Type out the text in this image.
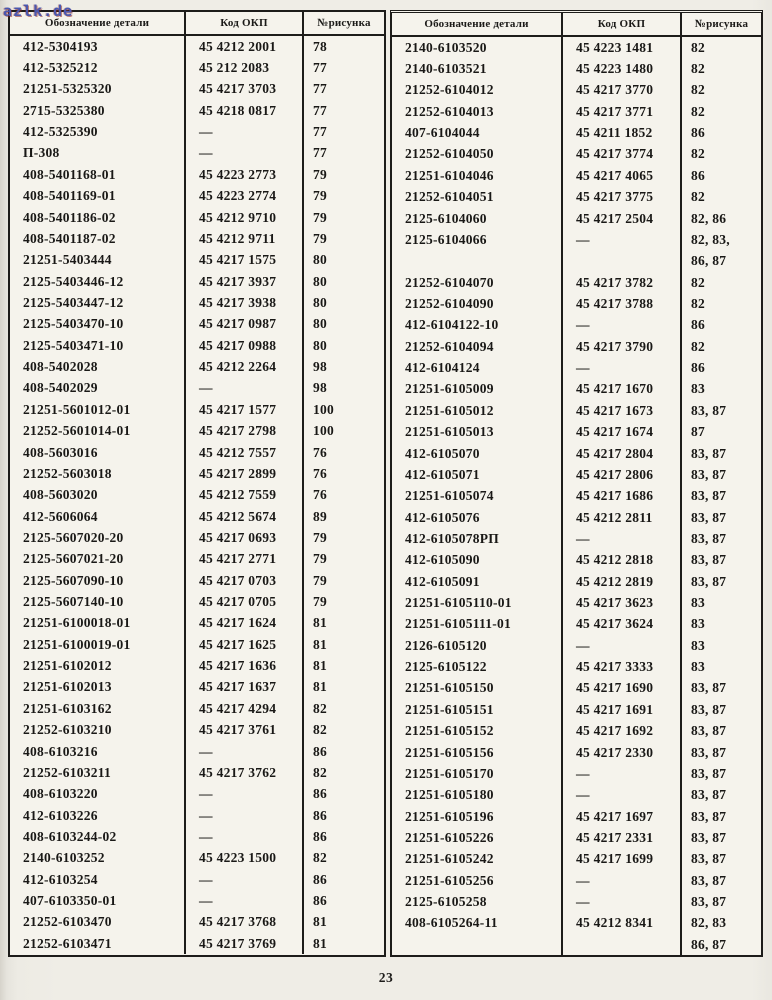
azlk.de
Обозначение детали	Код ОКП	№рисунка
412-5304193	45 4212 2001	78
412-5325212	45 212 2083	77
21251-5325320	45 4217 3703	77
2715-5325380	45 4218 0817	77
412-5325390	—	77
П-308	—	77
408-5401168-01	45 4223 2773	79
408-5401169-01	45 4223 2774	79
408-5401186-02	45 4212 9710	79
408-5401187-02	45 4212 9711	79
21251-5403444	45 4217 1575	80
2125-5403446-12	45 4217 3937	80
2125-5403447-12	45 4217 3938	80
2125-5403470-10	45 4217 0987	80
2125-5403471-10	45 4217 0988	80
408-5402028	45 4212 2264	98
408-5402029	—	98
21251-5601012-01	45 4217 1577	100
21252-5601014-01	45 4217 2798	100
408-5603016	45 4212 7557	76
21252-5603018	45 4217 2899	76
408-5603020	45 4212 7559	76
412-5606064	45 4212 5674	89
2125-5607020-20	45 4217 0693	79
2125-5607021-20	45 4217 2771	79
2125-5607090-10	45 4217 0703	79
2125-5607140-10	45 4217 0705	79
21251-6100018-01	45 4217 1624	81
21251-6100019-01	45 4217 1625	81
21251-6102012	45 4217 1636	81
21251-6102013	45 4217 1637	81
21251-6103162	45 4217 4294	82
21252-6103210	45 4217 3761	82
408-6103216	—	86
21252-6103211	45 4217 3762	82
408-6103220	—	86
412-6103226	—	86
408-6103244-02	—	86
2140-6103252	45 4223 1500	82
412-6103254	—	86
407-6103350-01	—	86
21252-6103470	45 4217 3768	81
21252-6103471	45 4217 3769	81
Обозначение детали	Код ОКП	№рисунка
2140-6103520	45 4223 1481	82
2140-6103521	45 4223 1480	82
21252-6104012	45 4217 3770	82
21252-6104013	45 4217 3771	82
407-6104044	45 4211 1852	86
21252-6104050	45 4217 3774	82
21251-6104046	45 4217 4065	86
21252-6104051	45 4217 3775	82
2125-6104060	45 4217 2504	82, 86
2125-6104066	—	82, 83,
86, 87
21252-6104070	45 4217 3782	82
21252-6104090	45 4217 3788	82
412-6104122-10	—	86
21252-6104094	45 4217 3790	82
412-6104124	—	86
21251-6105009	45 4217 1670	83
21251-6105012	45 4217 1673	83, 87
21251-6105013	45 4217 1674	87
412-6105070	45 4217 2804	83, 87
412-6105071	45 4217 2806	83, 87
21251-6105074	45 4217 1686	83, 87
412-6105076	45 4212 2811	83, 87
412-6105078РП	—	83, 87
412-6105090	45 4212 2818	83, 87
412-6105091	45 4212 2819	83, 87
21251-6105110-01	45 4217 3623	83
21251-6105111-01	45 4217 3624	83
2126-6105120	—	83
2125-6105122	45 4217 3333	83
21251-6105150	45 4217 1690	83, 87
21251-6105151	45 4217 1691	83, 87
21251-6105152	45 4217 1692	83, 87
21251-6105156	45 4217 2330	83, 87
21251-6105170	—	83, 87
21251-6105180	—	83, 87
21251-6105196	45 4217 1697	83, 87
21251-6105226	45 4217 2331	83, 87
21251-6105242	45 4217 1699	83, 87
21251-6105256	—	83, 87
2125-6105258	—	83, 87
408-6105264-11	45 4212 8341	82, 83
86, 87
23
